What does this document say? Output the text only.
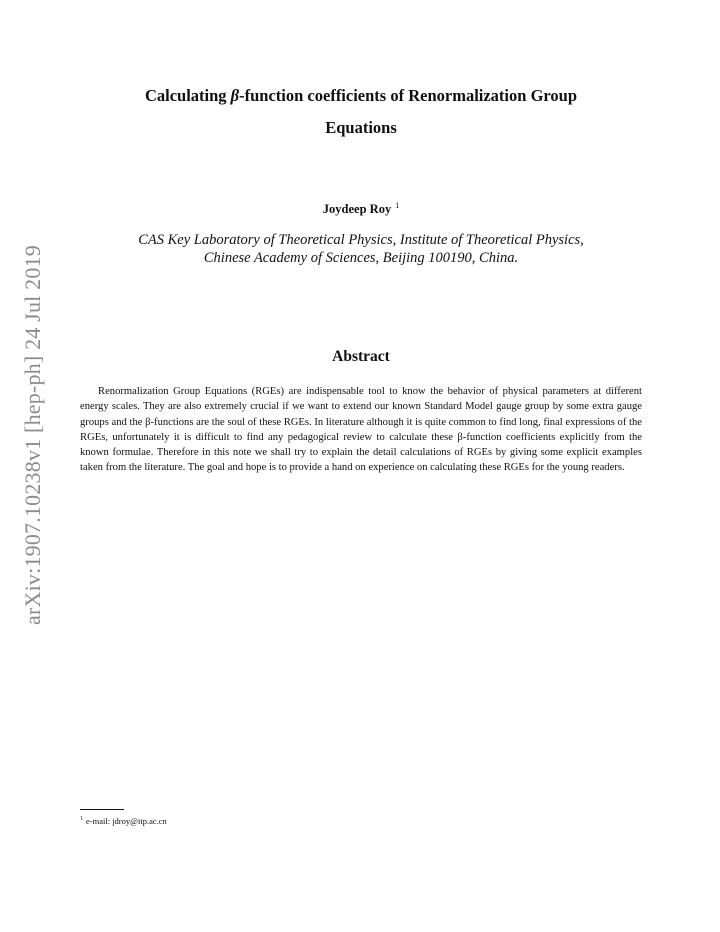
arXiv:1907.10238v1 [hep-ph] 24 Jul 2019
Calculating β-function coefficients of Renormalization Group
Equations
Joydeep Roy $^1$
CAS Key Laboratory of Theoretical Physics, Institute of Theoretical Physics,
Chinese Academy of Sciences, Beijing 100190, China.
Abstract
Renormalization Group Equations (RGEs) are indispensable tool to know the behavior of physical parameters at different energy scales. They are also extremely crucial if we want to extend our known Standard Model gauge group by some extra gauge groups and the β-functions are the soul of these RGEs. In literature although it is quite common to find long, final expressions of the RGEs, unfortunately it is difficult to find any pedagogical review to calculate these β-function coefficients explicitly from the known formulae. Therefore in this note we shall try to explain the detail calculations of RGEs by giving some explicit examples taken from the literature. The goal and hope is to provide a hand on experience on calculating these RGEs for the young readers.
$^1$ e-mail: jdroy@itp.ac.cn
